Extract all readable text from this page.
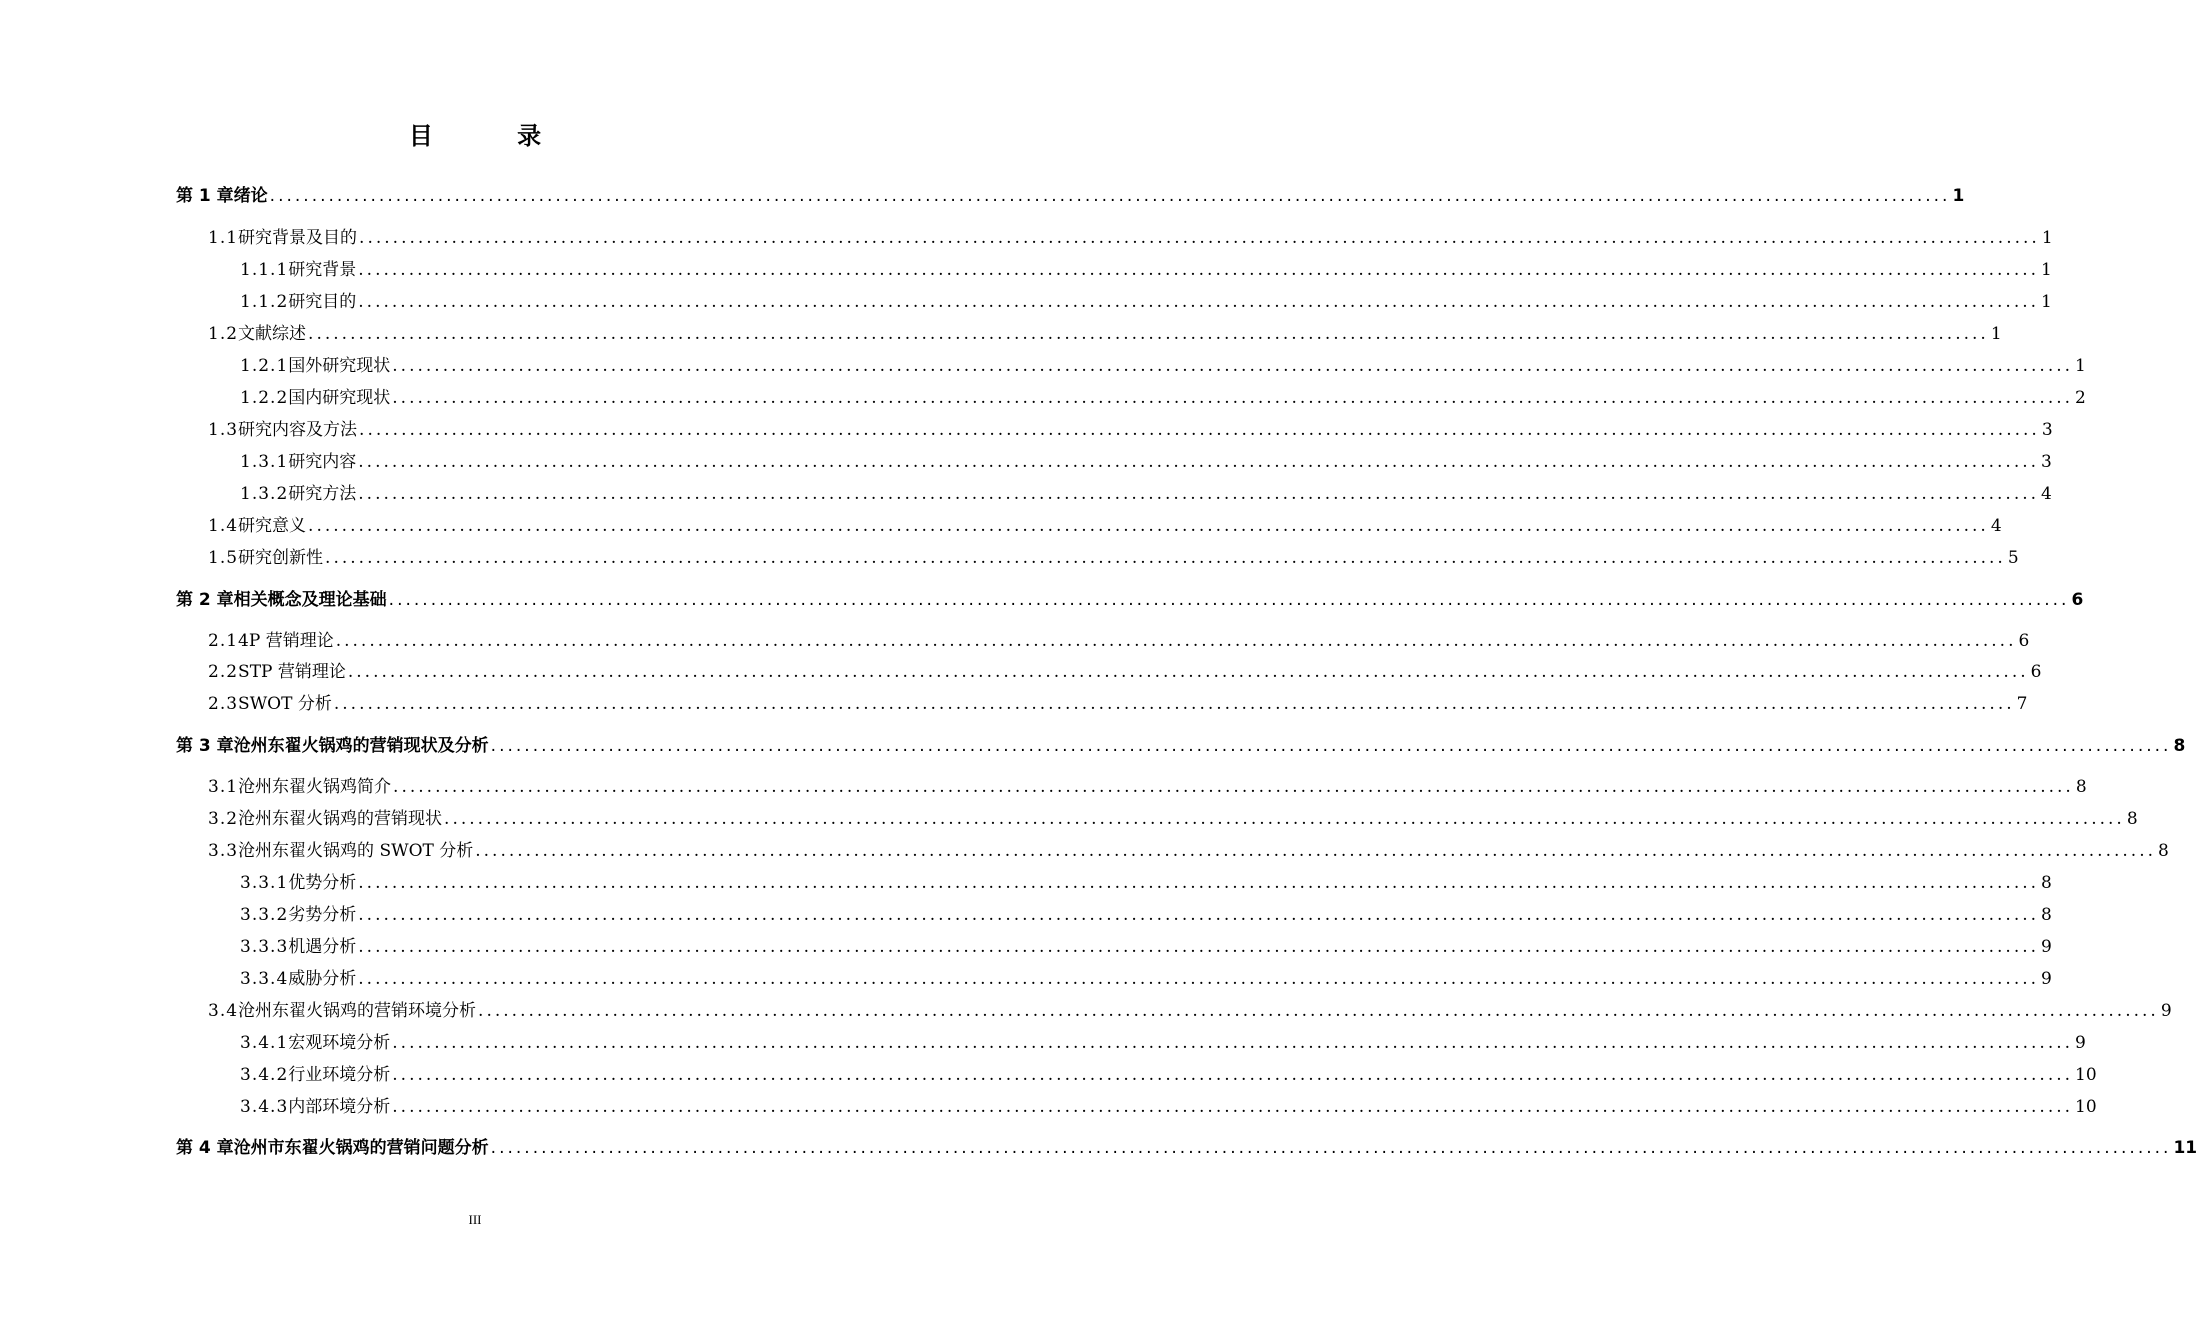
目 录
第 1 章 绪论 ........................................................................................................................................................................................................ 1
1.1 研究背景及目的 ........................................................................................................................................................................................................ 1
1.1.1 研究背景 ........................................................................................................................................................................................................ 1
1.1.2 研究目的 ........................................................................................................................................................................................................ 1
1.2 文献综述 ........................................................................................................................................................................................................ 1
1.2.1 国外研究现状 ........................................................................................................................................................................................................ 1
1.2.2 国内研究现状 ........................................................................................................................................................................................................ 2
1.3 研究内容及方法 ........................................................................................................................................................................................................ 3
1.3.1 研究内容 ........................................................................................................................................................................................................ 3
1.3.2 研究方法 ........................................................................................................................................................................................................ 4
1.4 研究意义 ........................................................................................................................................................................................................ 4
1.5 研究创新性 ........................................................................................................................................................................................................ 5
第 2 章 相关概念及理论基础 ........................................................................................................................................................................................................ 6
2.1 4P 营销理论 ........................................................................................................................................................................................................ 6
2.2 STP 营销理论 ........................................................................................................................................................................................................ 6
2.3 SWOT 分析 ........................................................................................................................................................................................................ 7
第 3 章 沧州东翟火锅鸡的营销现状及分析 ........................................................................................................................................................................................................ 8
3.1 沧州东翟火锅鸡简介 ........................................................................................................................................................................................................ 8
3.2 沧州东翟火锅鸡的营销现状 ........................................................................................................................................................................................................ 8
3.3 沧州东翟火锅鸡的 SWOT 分析 ........................................................................................................................................................................................................ 8
3.3.1 优势分析 ........................................................................................................................................................................................................ 8
3.3.2 劣势分析 ........................................................................................................................................................................................................ 8
3.3.3 机遇分析 ........................................................................................................................................................................................................ 9
3.3.4 威胁分析 ........................................................................................................................................................................................................ 9
3.4 沧州东翟火锅鸡的营销环境分析 ........................................................................................................................................................................................................ 9
3.4.1 宏观环境分析 ........................................................................................................................................................................................................ 9
3.4.2 行业环境分析 ........................................................................................................................................................................................................ 10
3.4.3 内部环境分析 ........................................................................................................................................................................................................ 10
第 4 章 沧州市东翟火锅鸡的营销问题分析 ........................................................................................................................................................................................................ 11
III
